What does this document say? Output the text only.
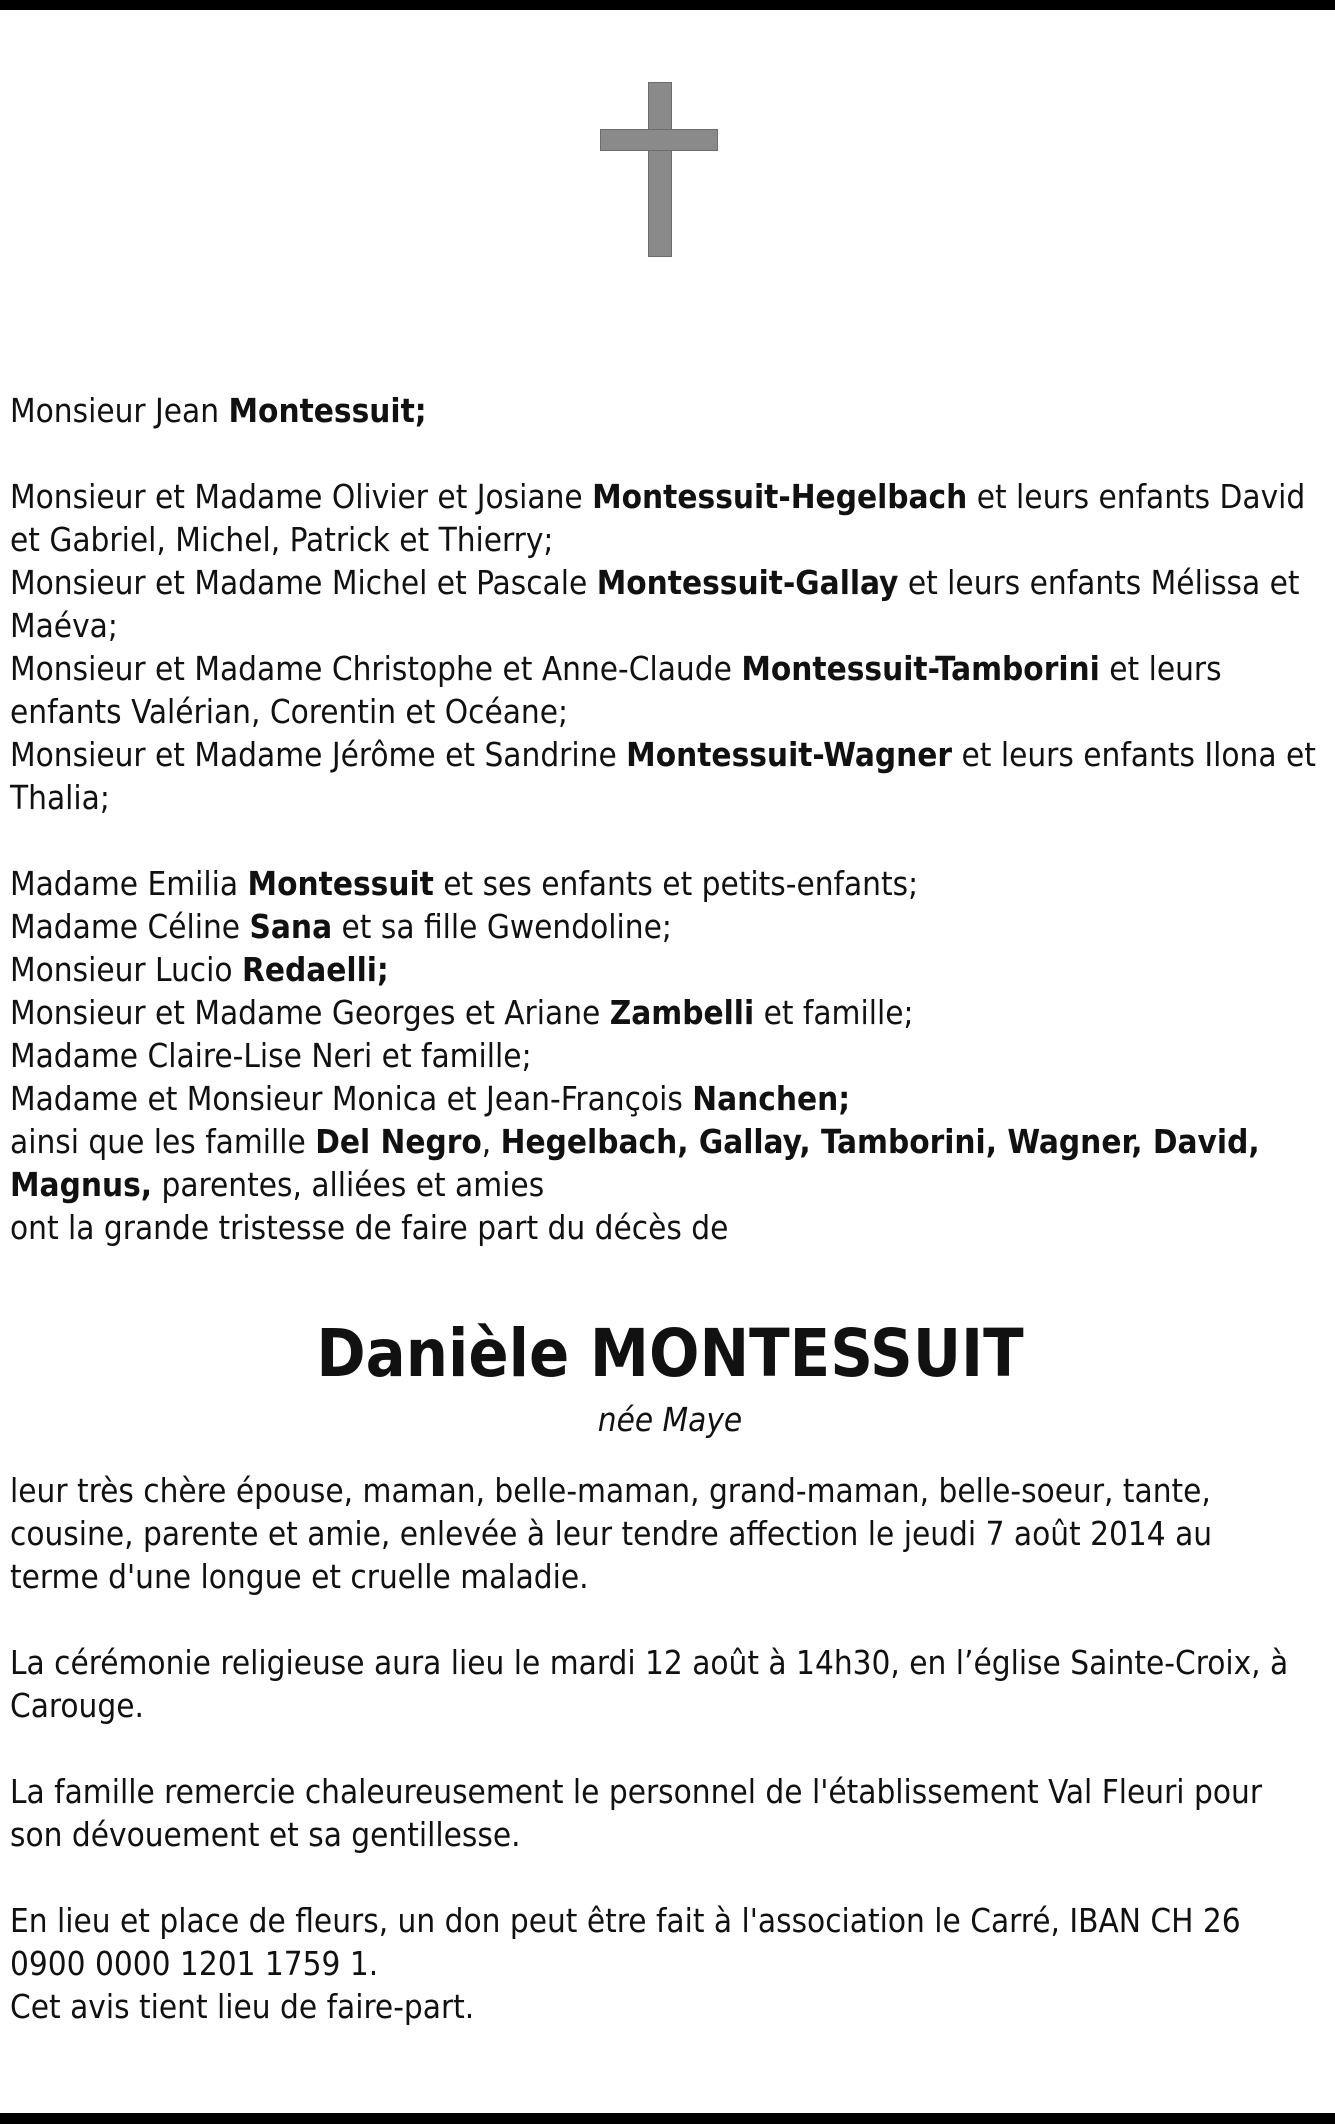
Monsieur Jean Montessuit;

Monsieur et Madame Olivier et Josiane Montessuit-Hegelbach et leurs enfants David

et Gabriel, Michel, Patrick et Thierry;

Monsieur et Madame Michel et Pascale Montessuit-Gallay et leurs enfants Mélissa et

Maéva;

Monsieur et Madame Christophe et Anne-Claude Montessuit-Tamborini et leurs

enfants Valérian, Corentin et Océane;

Monsieur et Madame Jérôme et Sandrine Montessuit-Wagner et leurs enfants Ilona et

Thalia;

Madame Emilia Montessuit et ses enfants et petits-enfants;

Madame Céline Sana et sa fille Gwendoline;

Monsieur Lucio Redaelli;

Monsieur et Madame Georges et Ariane Zambelli et famille;

Madame Claire-Lise Neri et famille;

Madame et Monsieur Monica et Jean-François Nanchen;

ainsi que les famille Del Negro, Hegelbach, Gallay, Tamborini, Wagner, David,

Magnus, parentes, alliées et amies

ont la grande tristesse de faire part du décès de

Danièle MONTESSUIT
née Maye

leur très chère épouse, maman, belle-maman, grand-maman, belle-soeur, tante,

cousine, parente et amie, enlevée à leur tendre affection le jeudi 7 août 2014 au

terme d'une longue et cruelle maladie.

La cérémonie religieuse aura lieu le mardi 12 août à 14h30, en l’église Sainte-Croix, à

Carouge.

La famille remercie chaleureusement le personnel de l'établissement Val Fleuri pour

son dévouement et sa gentillesse.

En lieu et place de fleurs, un don peut être fait à l'association le Carré, IBAN CH 26

0900 0000 1201 1759 1.

Cet avis tient lieu de faire-part.
